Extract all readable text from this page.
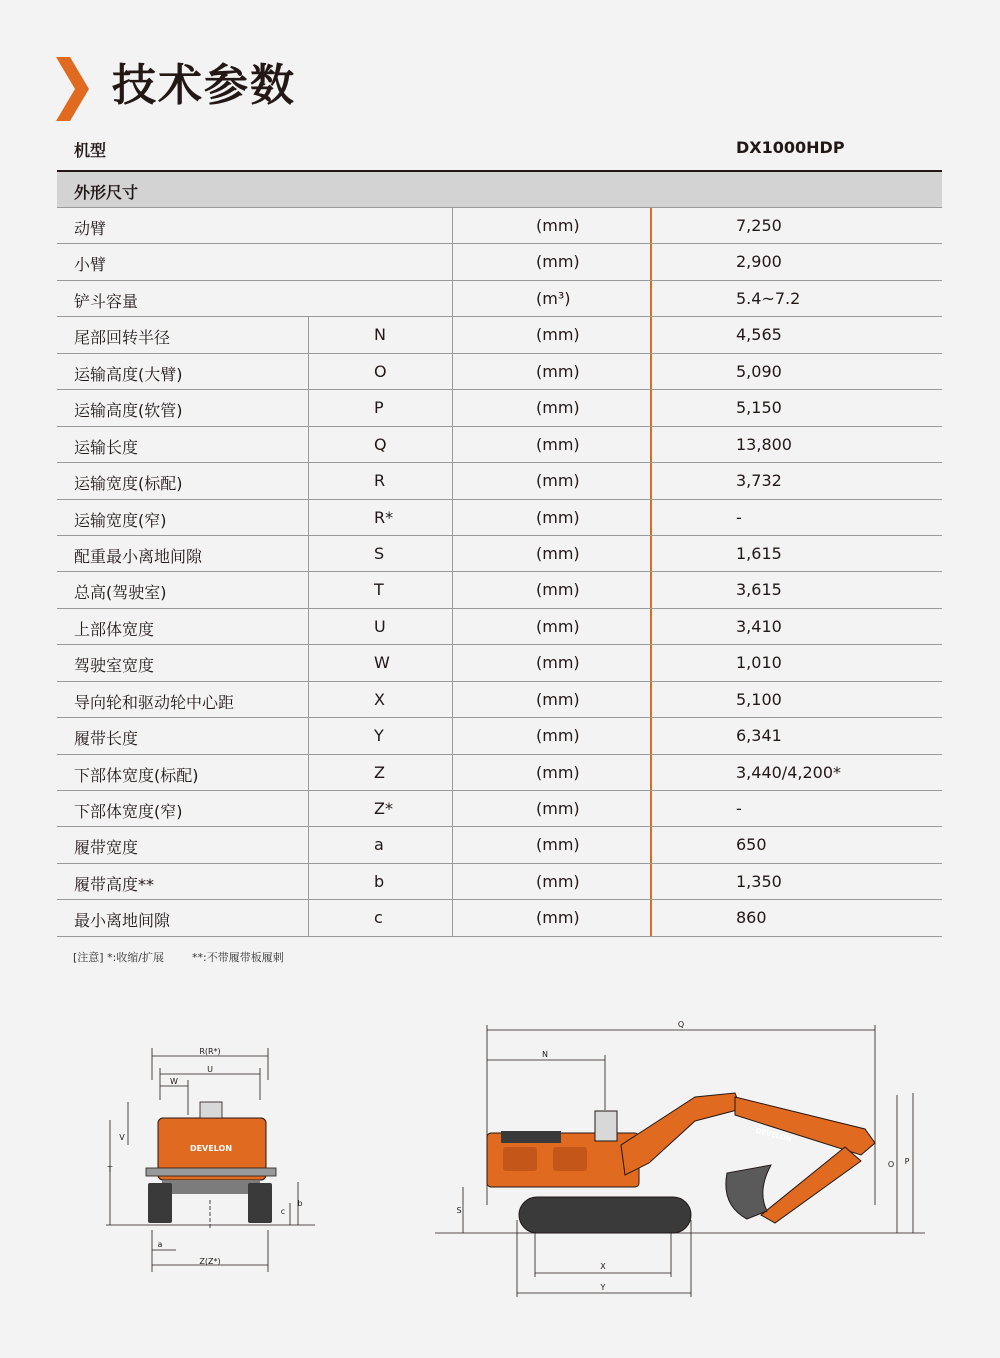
技术参数
机型	DX1000HDP
外形尺寸
动臂	(mm)	7,250
小臂	(mm)	2,900
铲斗容量	(m³)	5.4~7.2
尾部回转半径	N	(mm)	4,565
运输高度(大臂)	O	(mm)	5,090
运输高度(软管)	P	(mm)	5,150
运输长度	Q	(mm)	13,800
运输宽度(标配)	R	(mm)	3,732
运输宽度(窄)	R*	(mm)	-
配重最小离地间隙	S	(mm)	1,615
总高(驾驶室)	T	(mm)	3,615
上部体宽度	U	(mm)	3,410
驾驶室宽度	W	(mm)	1,010
导向轮和驱动轮中心距	X	(mm)	5,100
履带长度	Y	(mm)	6,341
下部体宽度(标配)	Z	(mm)	3,440/4,200*
下部体宽度(窄)	Z*	(mm)	-
履带宽度	a	(mm)	650
履带高度**	b	(mm)	1,350
最小离地间隙	c	(mm)	860
[注意] *:收缩/扩展	**:不带履带板履刺
DEVELON
R(R*)
U
W
V
T
b
c
a
Z(Z*)
DEVELON
Q
N
S
O P
X
Y
